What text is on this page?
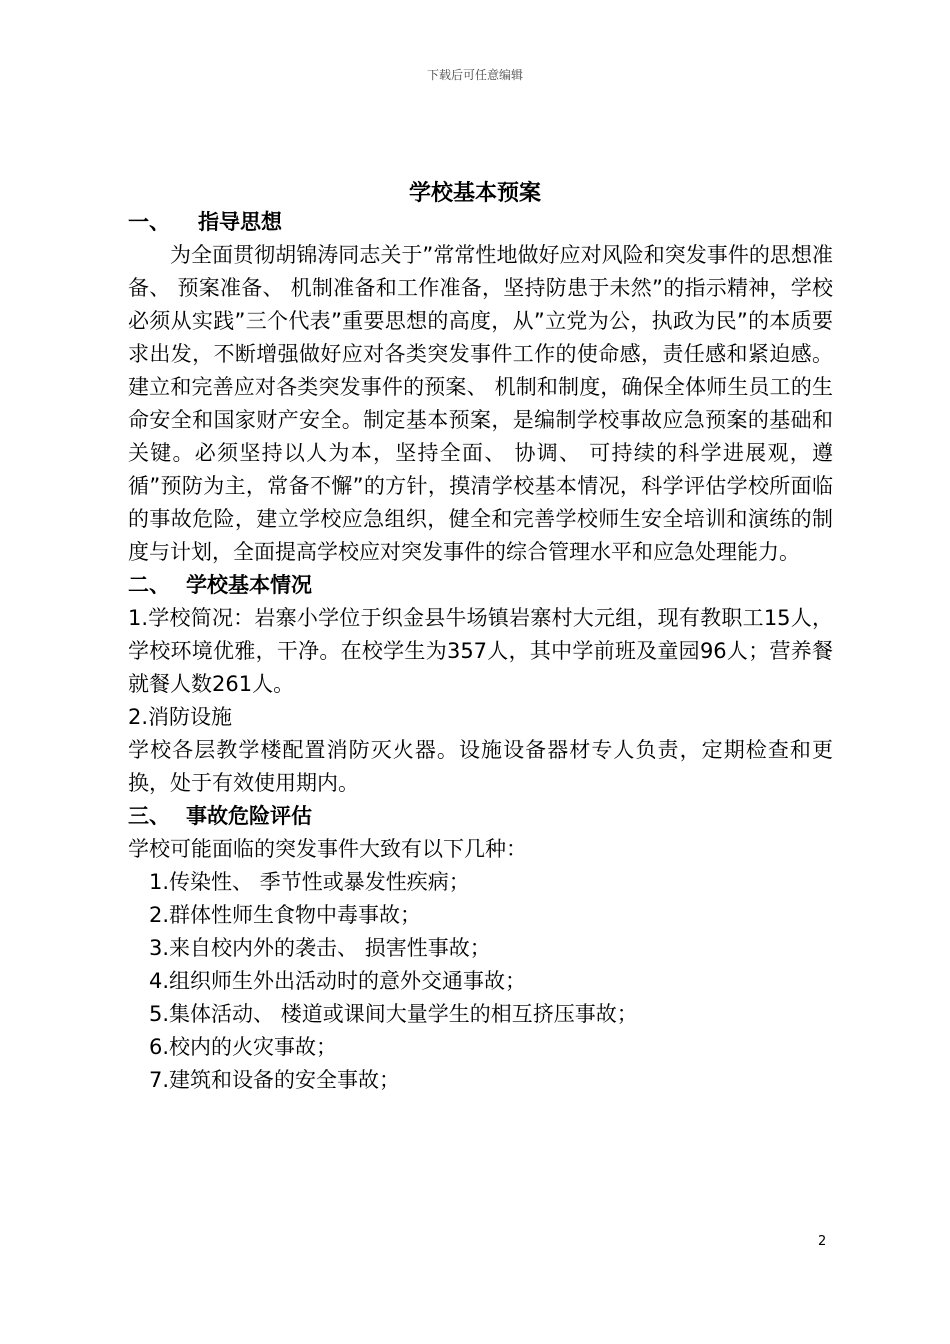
下载后可任意编辑
学校基本预案
一、 指导思想
为全面贯彻胡锦涛同志关于”常常性地做好应对风险和突发事件的思想准备、 预案准备、 机制准备和工作准备，坚持防患于未然”的指示精神，学校必须从实践”三个代表”重要思想的高度，从”立党为公，执政为民”的本质要求出发，不断增强做好应对各类突发事件工作的使命感，责任感和紧迫感。建立和完善应对各类突发事件的预案、 机制和制度，确保全体师生员工的生命安全和国家财产安全。制定基本预案，是编制学校事故应急预案的基础和关键。必须坚持以人为本，坚持全面、 协调、 可持续的科学进展观，遵循”预防为主，常备不懈”的方针，摸清学校基本情况，科学评估学校所面临的事故危险，建立学校应急组织，健全和完善学校师生安全培训和演练的制度与计划，全面提高学校应对突发事件的综合管理水平和应急处理能力。
二、 学校基本情况
1.学校简况：岩寨小学位于织金县牛场镇岩寨村大元组，现有教职工15人，学校环境优雅，干净。在校学生为357人，其中学前班及童园96人；营养餐就餐人数261人。
2.消防设施
学校各层教学楼配置消防灭火器。设施设备器材专人负责，定期检查和更换，处于有效使用期内。
三、 事故危险评估
学校可能面临的突发事件大致有以下几种：
1.传染性、 季节性或暴发性疾病；
2.群体性师生食物中毒事故；
3.来自校内外的袭击、 损害性事故；
4.组织师生外出活动时的意外交通事故；
5.集体活动、 楼道或课间大量学生的相互挤压事故；
6.校内的火灾事故；
7.建筑和设备的安全事故；
2
